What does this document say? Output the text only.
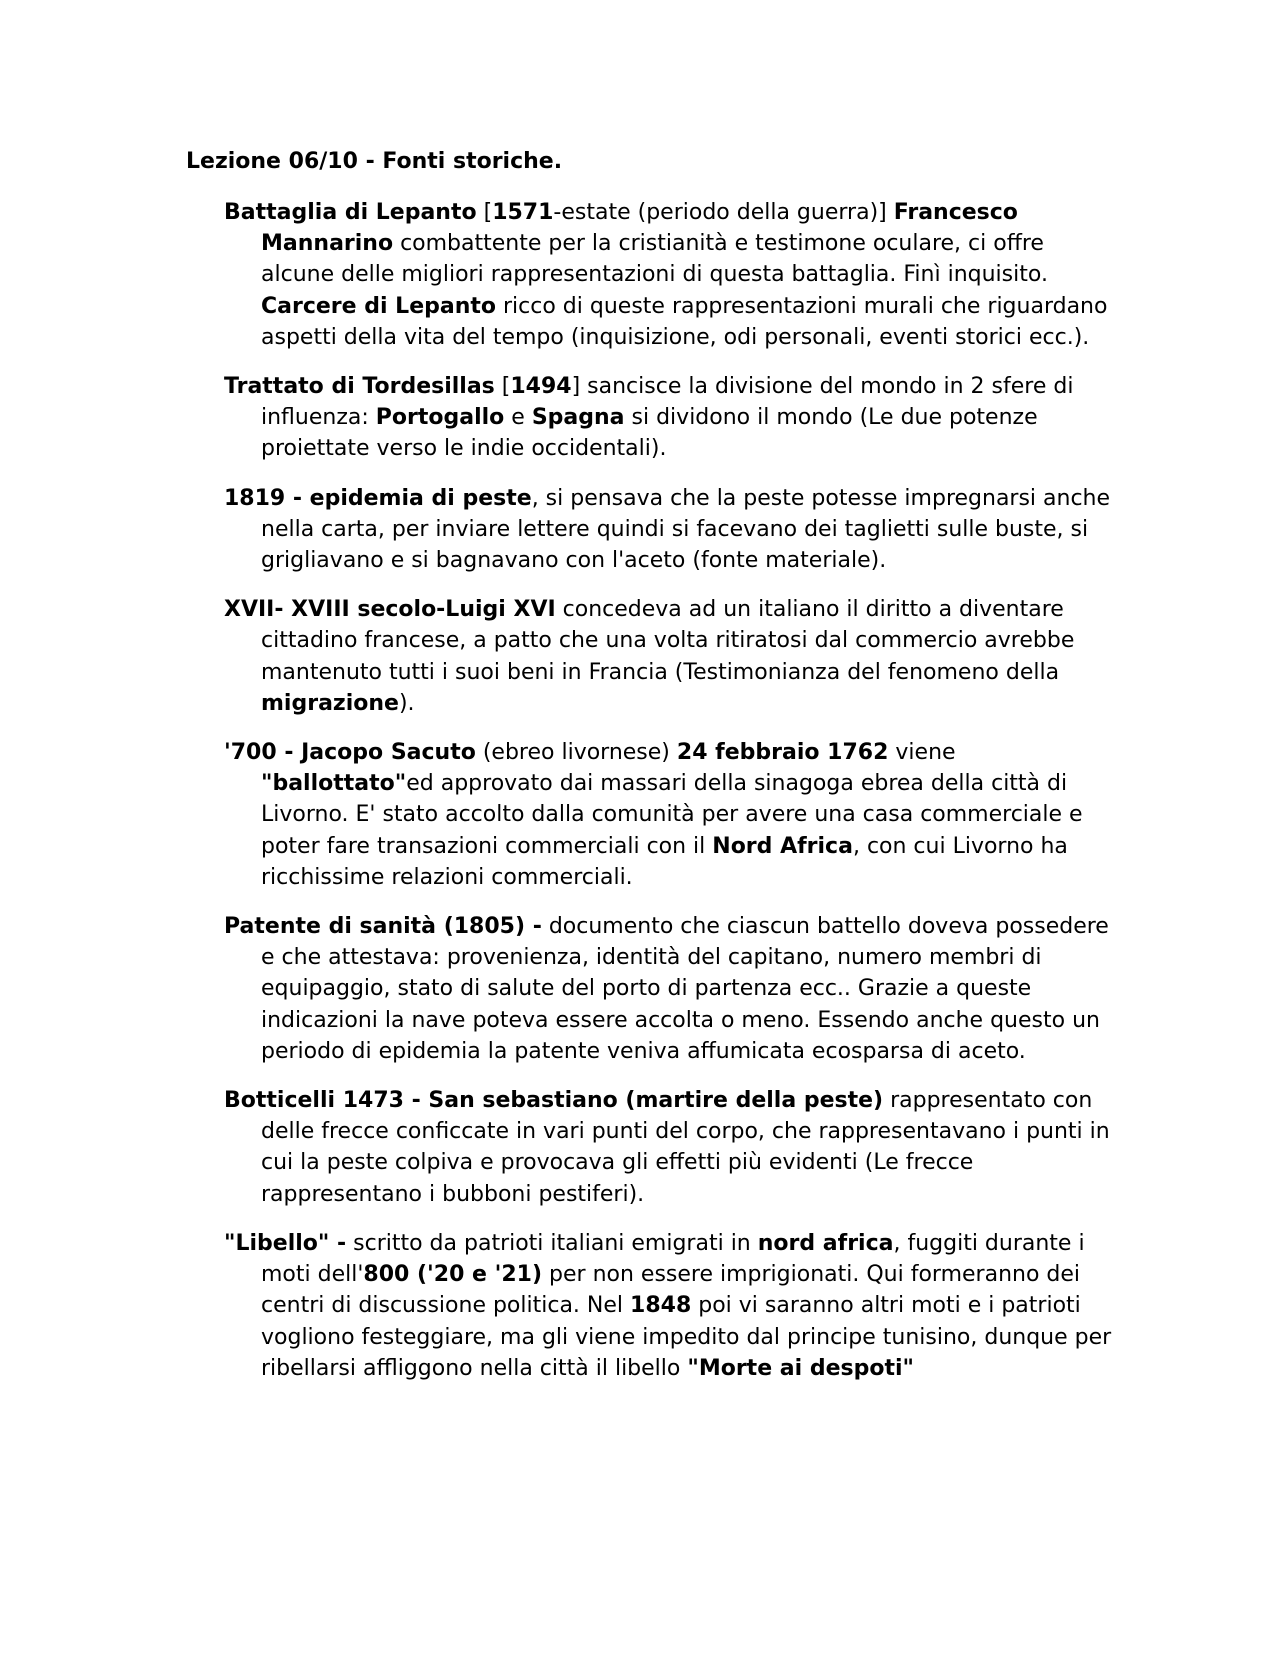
Lezione 06/10 - Fonti storiche.

Battaglia di Lepanto [1571-estate (periodo della guerra)] Francesco Mannarino combattente per la cristianità e testimone oculare, ci offre alcune delle migliori rappresentazioni di questa battaglia. Finì inquisito. Carcere di Lepanto ricco di queste rappresentazioni murali che riguardano aspetti della vita del tempo (inquisizione, odi personali, eventi storici ecc.).

Trattato di Tordesillas [1494] sancisce la divisione del mondo in 2 sfere di influenza: Portogallo e Spagna si dividono il mondo (Le due potenze proiettate verso le indie occidentali).

1819 - epidemia di peste, si pensava che la peste potesse impregnarsi anche nella carta, per inviare lettere quindi si facevano dei taglietti sulle buste, si grigliavano e si bagnavano con l'aceto (fonte materiale).

XVII- XVIII secolo-Luigi XVI concedeva ad un italiano il diritto a diventare cittadino francese, a patto che una volta ritiratosi dal commercio avrebbe mantenuto tutti i suoi beni in Francia (Testimonianza del fenomeno della migrazione).

'700 - Jacopo Sacuto (ebreo livornese) 24 febbraio 1762 viene "ballottato"ed approvato dai massari della sinagoga ebrea della città di Livorno. E' stato accolto dalla comunità per avere una casa commerciale e poter fare transazioni commerciali con il Nord Africa, con cui Livorno ha ricchissime relazioni commerciali.

Patente di sanità (1805) - documento che ciascun battello doveva possedere e che attestava: provenienza, identità del capitano, numero membri di equipaggio, stato di salute del porto di partenza ecc.. Grazie a queste indicazioni la nave poteva essere accolta o meno. Essendo anche questo un periodo di epidemia la patente veniva affumicata ecosparsa di aceto.

Botticelli 1473 - San sebastiano (martire della peste) rappresentato con delle frecce conficcate in vari punti del corpo, che rappresentavano i punti in cui la peste colpiva e provocava gli effetti più evidenti (Le frecce rappresentano i bubboni pestiferi).

"Libello" - scritto da patrioti italiani emigrati in nord africa, fuggiti durante i moti dell'800 ('20 e '21) per non essere imprigionati. Qui formeranno dei centri di discussione politica. Nel 1848 poi vi saranno altri moti e i patrioti vogliono festeggiare, ma gli viene impedito dal principe tunisino, dunque per ribellarsi affliggono nella città il libello "Morte ai despoti"
